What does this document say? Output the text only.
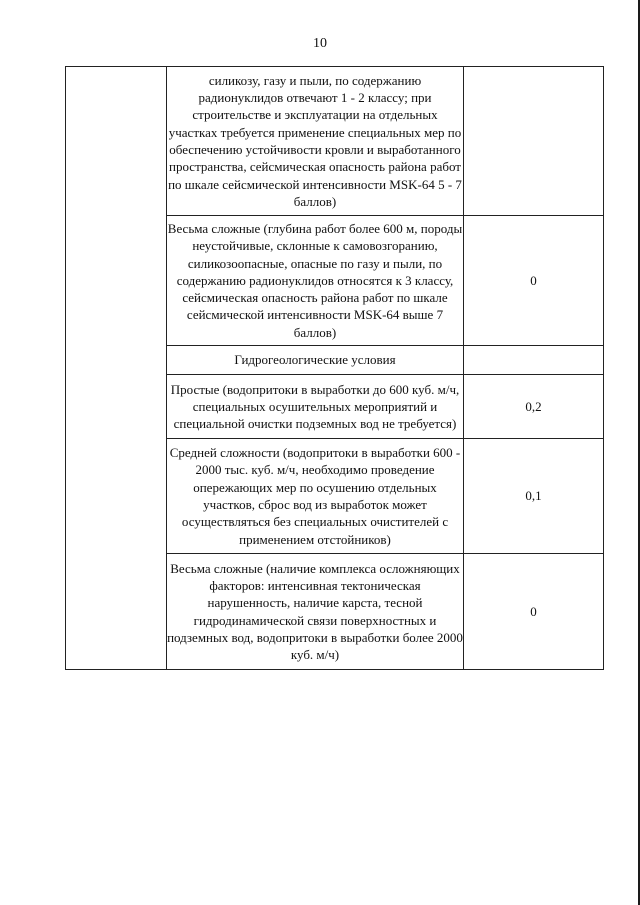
10

	силикозу, газу и пыли, по содержанию радионуклидов отвечают 1 - 2 классу; при строительстве и эксплуатации на отдельных участках требуется применение специальных мер по обеспечению устойчивости кровли и выработанного пространства, сейсмическая опасность района работ по шкале сейсмической интенсивности MSK-64 5 - 7 баллов)	

	Весьма сложные (глубина работ более 600 м, породы неустойчивые, склонные к самовозгоранию, силикозоопасные, опасные по газу и пыли, по содержанию радионуклидов относятся к 3 классу, сейсмическая опасность района работ по шкале сейсмической интенсивности MSK-64 выше 7 баллов)	0

	Гидрогеологические условия	

	Простые (водопритоки в выработки до 600 куб. м/ч, специальных осушительных мероприятий и специальной очистки подземных вод не требуется)	0,2

	Средней сложности (водопритоки в выработки 600 - 2000 тыс. куб. м/ч, необходимо проведение опережающих мер по осушению отдельных участков, сброс вод из выработок может осуществляться без специальных очистителей с применением отстойников)	0,1

	Весьма сложные (наличие комплекса осложняющих факторов: интенсивная тектоническая нарушенность, наличие карста, тесной гидродинамической связи поверхностных и подземных вод, водопритоки в выработки более 2000 куб. м/ч)	0
